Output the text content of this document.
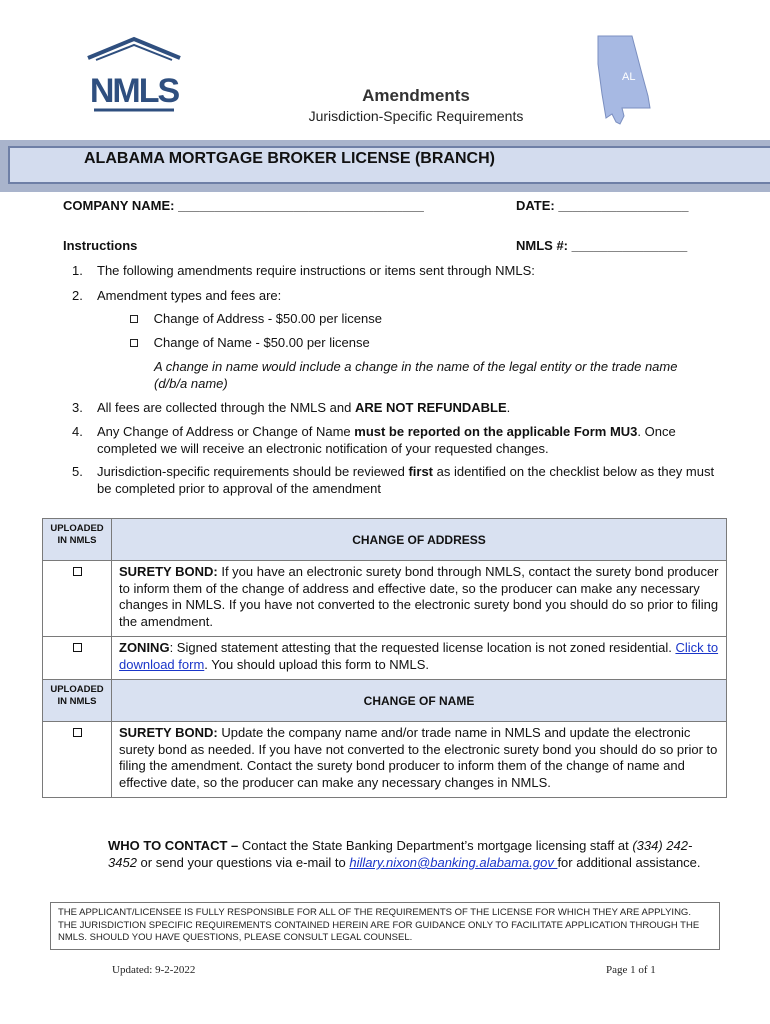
NMLS	AL
Amendments
Jurisdiction-Specific Requirements
ALABAMA MORTGAGE BROKER LICENSE (BRANCH)
COMPANY NAME: __________________________________	DATE: __________________
Instructions	NMLS #: ________________
1. The following amendments require instructions or items sent through NMLS:
2. Amendment types and fees are:
Change of Address - $50.00 per license
Change of Name - $50.00 per license
A change in name would include a change in the name of the legal entity or the trade name (d/b/a name)
3. All fees are collected through the NMLS and ARE NOT REFUNDABLE.
4. Any Change of Address or Change of Name must be reported on the applicable Form MU3. Once completed we will receive an electronic notification of your requested changes.
5. Jurisdiction-specific requirements should be reviewed first as identified on the checklist below as they must be completed prior to approval of the amendment
UPLOADED IN NMLS	CHANGE OF ADDRESS
	SURETY BOND: If you have an electronic surety bond through NMLS, contact the surety bond producer to inform them of the change of address and effective date, so the producer can make any necessary changes in NMLS. If you have not converted to the electronic surety bond you should do so prior to filing the amendment.
	ZONING: Signed statement attesting that the requested license location is not zoned residential. Click to download form. You should upload this form to NMLS.
UPLOADED IN NMLS	CHANGE OF NAME
	SURETY BOND: Update the company name and/or trade name in NMLS and update the electronic surety bond as needed. If you have not converted to the electronic surety bond you should do so prior to filing the amendment. Contact the surety bond producer to inform them of the change of name and effective date, so the producer can make any necessary changes in NMLS.
WHO TO CONTACT – Contact the State Banking Department’s mortgage licensing staff at (334) 242-3452 or send your questions via e-mail to hillary.nixon@banking.alabama.gov for additional assistance.
THE APPLICANT/LICENSEE IS FULLY RESPONSIBLE FOR ALL OF THE REQUIREMENTS OF THE LICENSE FOR WHICH THEY ARE APPLYING. THE JURISDICTION SPECIFIC REQUIREMENTS CONTAINED HEREIN ARE FOR GUIDANCE ONLY TO FACILITATE APPLICATION THROUGH THE NMLS. SHOULD YOU HAVE QUESTIONS, PLEASE CONSULT LEGAL COUNSEL.
Updated: 9-2-2022	Page 1 of 1
